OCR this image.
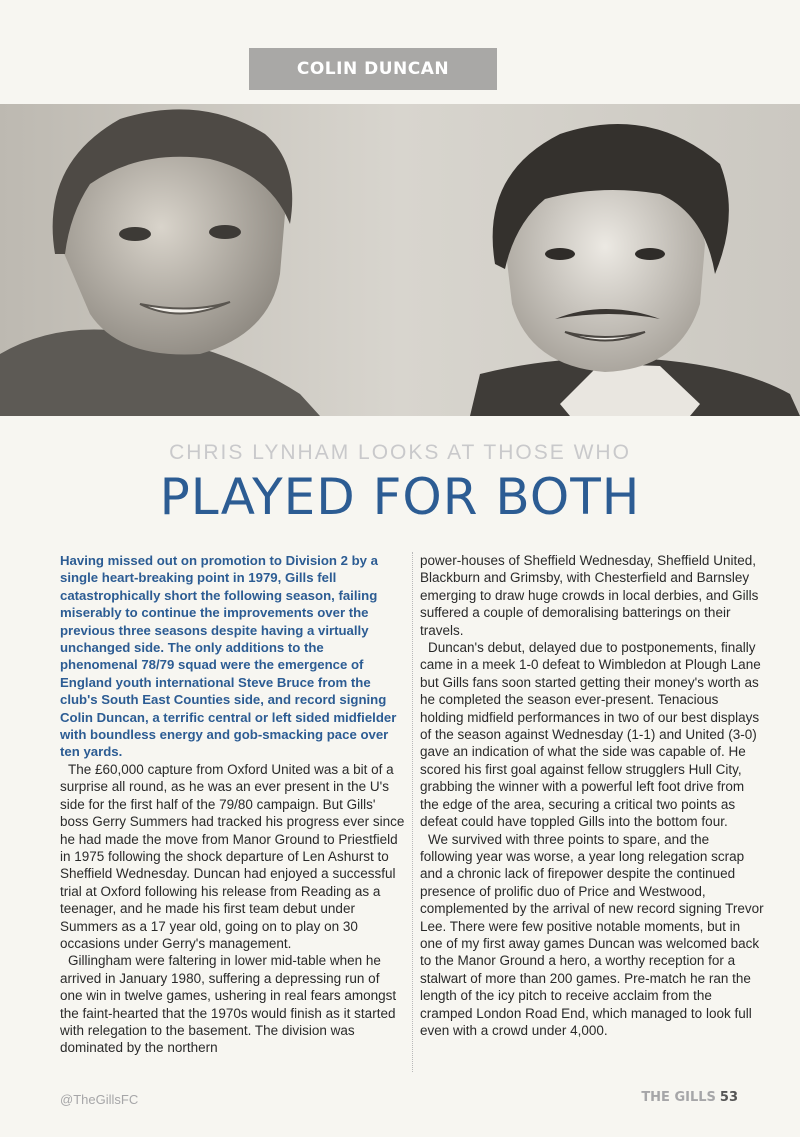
COLIN DUNCAN
CHRIS LYNHAM LOOKS AT THOSE WHO
PLAYED FOR BOTH

Having missed out on promotion to Division 2 by a single heart-breaking point in 1979, Gills fell catastrophically short the following season, failing miserably to continue the improvements over the previous three seasons despite having a virtually unchanged side. The only additions to the phenomenal 78/79 squad were the emergence of England youth international Steve Bruce from the club's South East Counties side, and record signing Colin Duncan, a terrific central or left sided midfielder with boundless energy and gob-smacking pace over ten yards.

The £60,000 capture from Oxford United was a bit of a surprise all round, as he was an ever present in the U's side for the first half of the 79/80 campaign. But Gills' boss Gerry Summers had tracked his progress ever since he had made the move from Manor Ground to Priestfield in 1975 following the shock departure of Len Ashurst to Sheffield Wednesday. Duncan had enjoyed a successful trial at Oxford following his release from Reading as a teenager, and he made his first team debut under Summers as a 17 year old, going on to play on 30 occasions under Gerry's management.

Gillingham were faltering in lower mid-table when he arrived in January 1980, suffering a depressing run of one win in twelve games, ushering in real fears amongst the faint-hearted that the 1970s would finish as it started with relegation to the basement. The division was dominated by the northern

power-houses of Sheffield Wednesday, Sheffield United, Blackburn and Grimsby, with Chesterfield and Barnsley emerging to draw huge crowds in local derbies, and Gills suffered a couple of demoralising batterings on their travels.

Duncan's debut, delayed due to postponements, finally came in a meek 1-0 defeat to Wimbledon at Plough Lane but Gills fans soon started getting their money's worth as he completed the season ever-present. Tenacious holding midfield performances in two of our best displays of the season against Wednesday (1-1) and United (3-0) gave an indication of what the side was capable of. He scored his first goal against fellow strugglers Hull City, grabbing the winner with a powerful left foot drive from the edge of the area, securing a critical two points as defeat could have toppled Gills into the bottom four.

We survived with three points to spare, and the following year was worse, a year long relegation scrap and a chronic lack of firepower despite the continued presence of prolific duo of Price and Westwood, complemented by the arrival of new record signing Trevor Lee. There were few positive notable moments, but in one of my first away games Duncan was welcomed back to the Manor Ground a hero, a worthy reception for a stalwart of more than 200 games. Pre-match he ran the length of the icy pitch to receive acclaim from the cramped London Road End, which managed to look full even with a crowd under 4,000.

@TheGillsFC	THE GILLS 53
